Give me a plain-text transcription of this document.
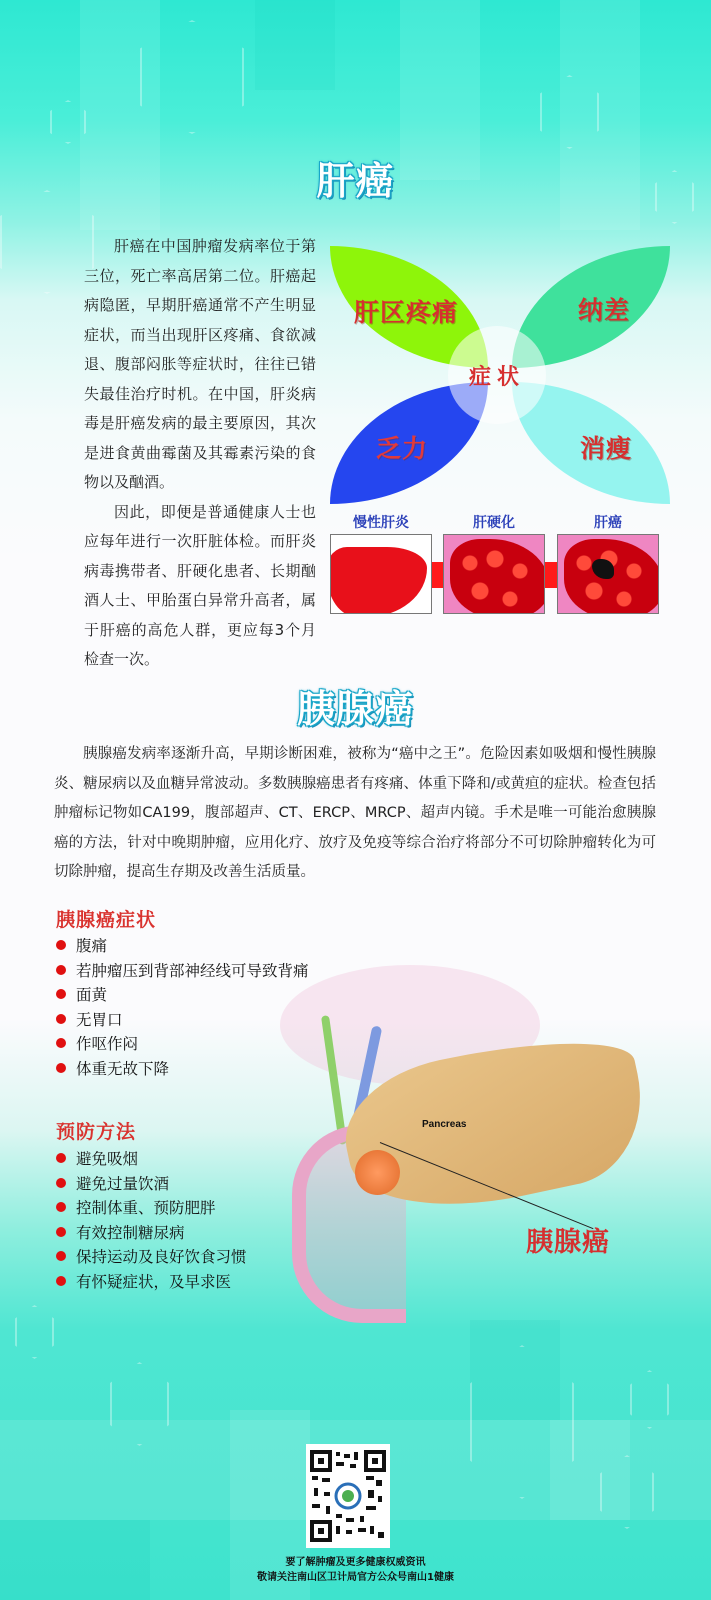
肝癌

肝癌在中国肿瘤发病率位于第三位，死亡率高居第二位。肝癌起病隐匿，早期肝癌通常不产生明显症状，而当出现肝区疼痛、食欲减退、腹部闷胀等症状时，往往已错失最佳治疗时机。在中国，肝炎病毒是肝癌发病的最主要原因，其次是进食黄曲霉菌及其霉素污染的食物以及酗酒。

因此，即便是普通健康人士也应每年进行一次肝脏体检。而肝炎病毒携带者、肝硬化患者、长期酗酒人士、甲胎蛋白异常升高者，属于肝癌的高危人群，更应每3个月检查一次。

肝区疼痛	纳差
乏力	消瘦
症状
慢性肝炎	肝硬化	肝癌
胰腺癌

胰腺癌发病率逐渐升高，早期诊断困难，被称为“癌中之王”。危险因素如吸烟和慢性胰腺炎、糖尿病以及血糖异常波动。多数胰腺癌患者有疼痛、体重下降和/或黄疸的症状。检查包括肿瘤标记物如CA199，腹部超声、CT、ERCP、MRCP、超声内镜。手术是唯一可能治愈胰腺癌的方法，针对中晚期肿瘤，应用化疗、放疗及免疫等综合治疗将部分不可切除肿瘤转化为可切除肿瘤，提高生存期及改善生活质量。

Pancreas
胰腺癌
胰腺癌症状
腹痛
若肿瘤压到背部神经线可导致背痛
面黄
无胃口
作呕作闷
体重无故下降
预防方法
避免吸烟
避免过量饮酒
控制体重、预防肥胖
有效控制糖尿病
保持运动及良好饮食习惯
有怀疑症状，及早求医
要了解肿瘤及更多健康权威资讯
敬请关注南山区卫计局官方公众号南山1健康
